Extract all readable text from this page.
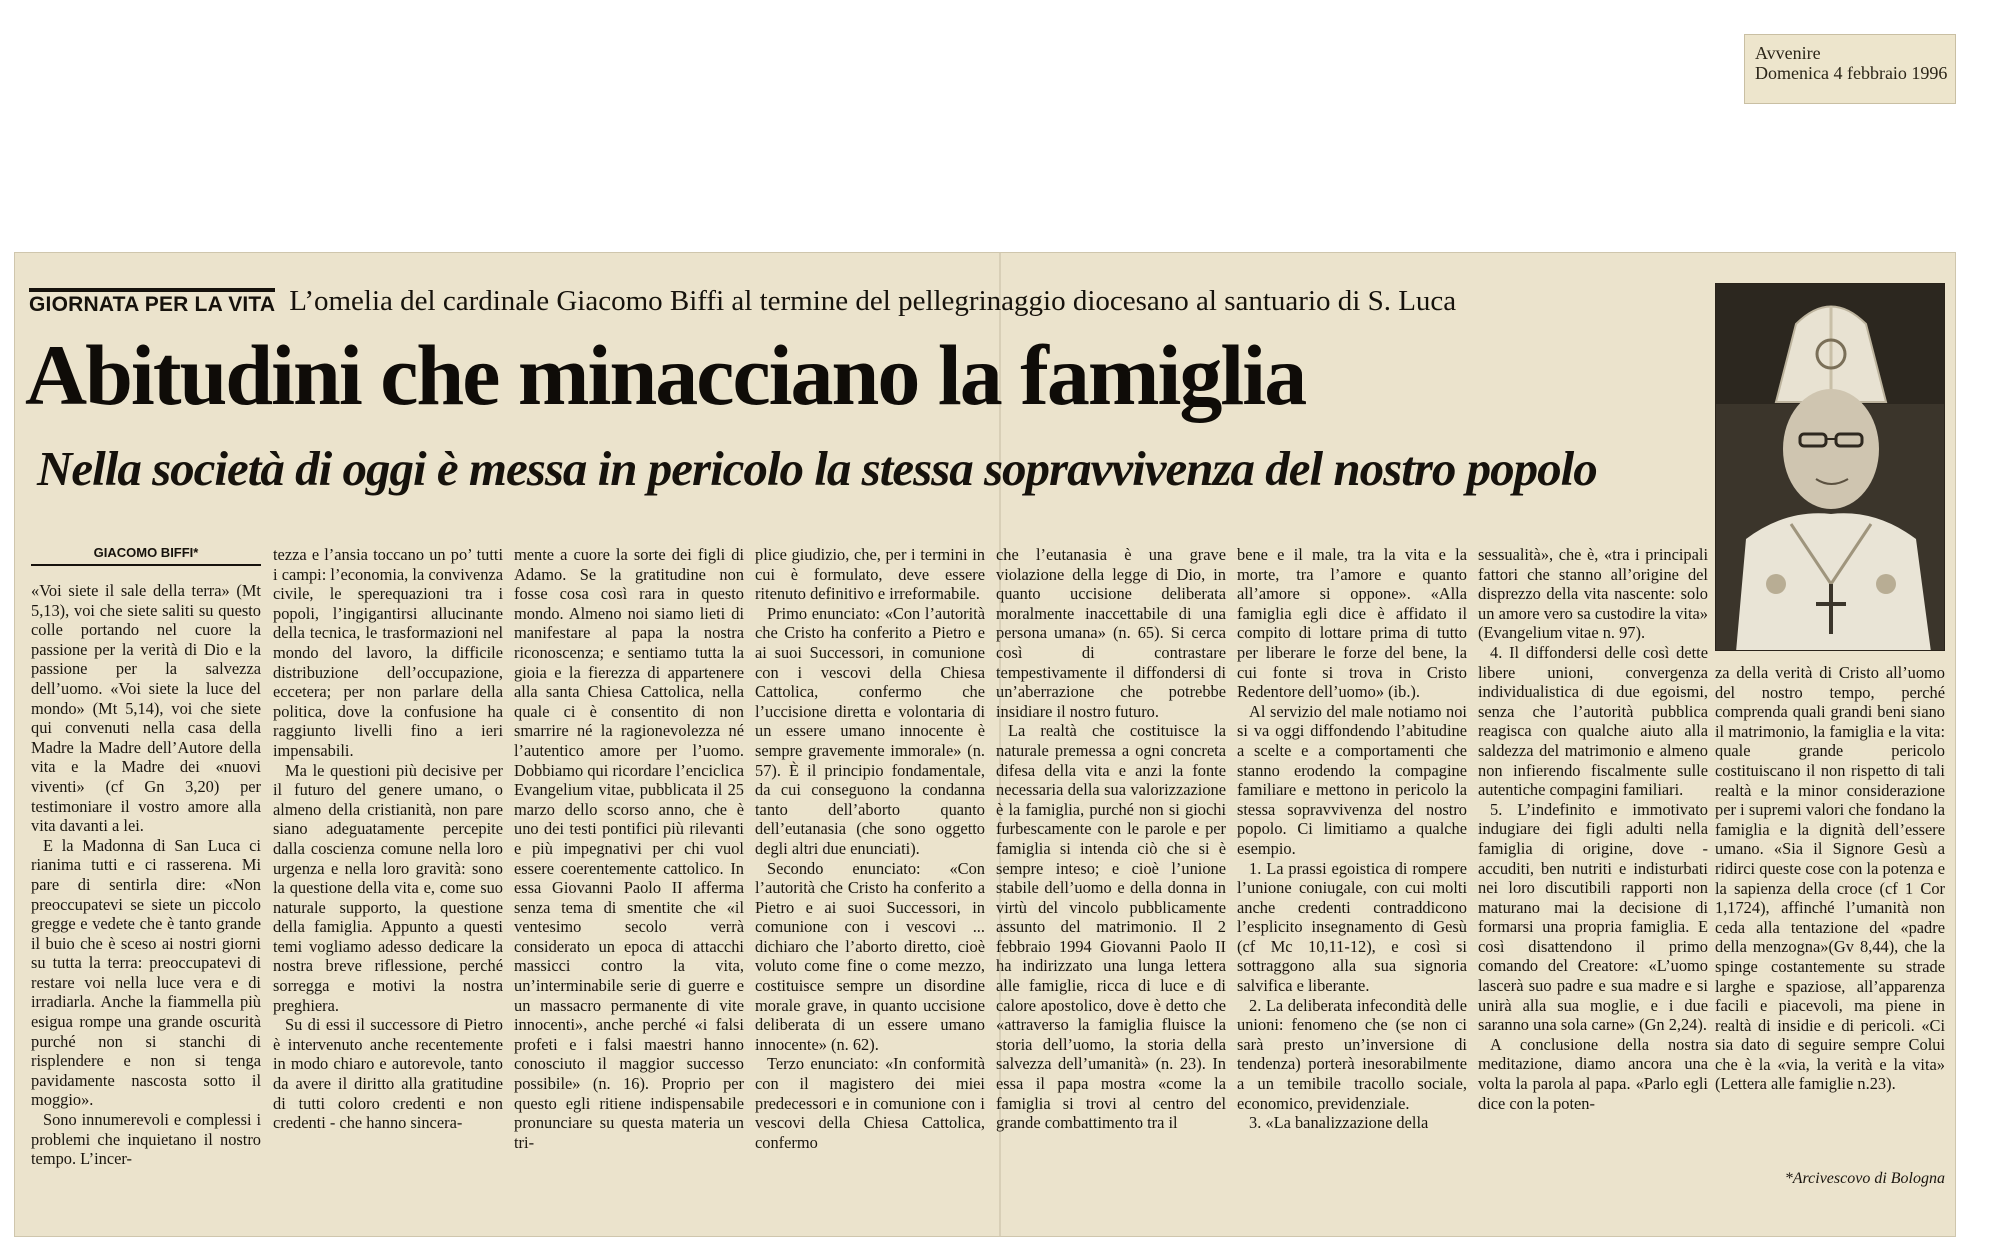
Avvenire
Domenica 4 febbraio 1996
GIORNATA PER LA VITA L’omelia del cardinale Giacomo Biffi al termine del pellegrinaggio diocesano al santuario di S. Luca
Abitudini che minacciano la famiglia
Nella società di oggi è messa in pericolo la stessa sopravvivenza del nostro popolo
GIACOMO BIFFI*

«Voi siete il sale della terra» (Mt 5,13), voi che siete saliti su questo colle portando nel cuore la passione per la verità di Dio e la passione per la salvezza dell’uomo. «Voi siete la luce del mondo» (Mt 5,14), voi che siete qui convenuti nella casa della Madre la Madre dell’Autore della vita e la Madre dei «nuovi viventi» (cf Gn 3,20) per testimoniare il vostro amore alla vita davanti a lei.

E la Madonna di San Luca ci rianima tutti e ci rasserena. Mi pare di sentirla dire: «Non preoccupatevi se siete un piccolo gregge e vedete che è tanto grande il buio che è sceso ai nostri giorni su tutta la terra: preoccupatevi di restare voi nella luce vera e di irradiarla. Anche la fiammella più esigua rompe una grande oscurità purché non si stanchi di risplendere e non si tenga pavidamente nascosta sotto il moggio».

Sono innumerevoli e complessi i problemi che inquietano il nostro tempo. L’incer-

tezza e l’ansia toccano un po’ tutti i campi: l’economia, la convivenza civile, le sperequazioni tra i popoli, l’ingigantirsi allucinante della tecnica, le trasformazioni nel mondo del lavoro, la difficile distribuzione dell’occupazione, eccetera; per non parlare della politica, dove la confusione ha raggiunto livelli fino a ieri impensabili.

Ma le questioni più decisive per il futuro del genere umano, o almeno della cristianità, non pare siano adeguatamente percepite dalla coscienza comune nella loro urgenza e nella loro gravità: sono la questione della vita e, come suo naturale supporto, la questione della famiglia. Appunto a questi temi vogliamo adesso dedicare la nostra breve riflessione, perché sorregga e motivi la nostra preghiera.

Su di essi il successore di Pietro è intervenuto anche recentemente in modo chiaro e autorevole, tanto da avere il diritto alla gratitudine di tutti coloro credenti e non credenti - che hanno sincera-

mente a cuore la sorte dei figli di Adamo. Se la gratitudine non fosse cosa così rara in questo mondo. Almeno noi siamo lieti di manifestare al papa la nostra riconoscenza; e sentiamo tutta la gioia e la fierezza di appartenere alla santa Chiesa Cattolica, nella quale ci è consentito di non smarrire né la ragionevolezza né l’autentico amore per l’uomo. Dobbiamo qui ricordare l’enciclica Evangelium vitae, pubblicata il 25 marzo dello scorso anno, che è uno dei testi pontifici più rilevanti e più impegnativi per chi vuol essere coerentemente cattolico. In essa Giovanni Paolo II afferma senza tema di smentite che «il ventesimo secolo verrà considerato un epoca di attacchi massicci contro la vita, un’interminabile serie di guerre e un massacro permanente di vite innocenti», anche perché «i falsi profeti e i falsi maestri hanno conosciuto il maggior successo possibile» (n. 16). Proprio per questo egli ritiene indispensabile pronunciare su questa materia un tri-

plice giudizio, che, per i termini in cui è formulato, deve essere ritenuto definitivo e irreformabile.

Primo enunciato: «Con l’autorità che Cristo ha conferito a Pietro e ai suoi Successori, in comunione con i vescovi della Chiesa Cattolica, confermo che l’uccisione diretta e volontaria di un essere umano innocente è sempre gravemente immorale» (n. 57). È il principio fondamentale, da cui conseguono la condanna tanto dell’aborto quanto dell’eutanasia (che sono oggetto degli altri due enunciati).

Secondo enunciato: «Con l’autorità che Cristo ha conferito a Pietro e ai suoi Successori, in comunione con i vescovi ... dichiaro che l’aborto diretto, cioè voluto come fine o come mezzo, costituisce sempre un disordine morale grave, in quanto uccisione deliberata di un essere umano innocente» (n. 62).

Terzo enunciato: «In conformità con il magistero dei miei predecessori e in comunione con i vescovi della Chiesa Cattolica, confermo

che l’eutanasia è una grave violazione della legge di Dio, in quanto uccisione deliberata moralmente inaccettabile di una persona umana» (n. 65). Si cerca così di contrastare tempestivamente il diffondersi di un’aberrazione che potrebbe insidiare il nostro futuro.

La realtà che costituisce la naturale premessa a ogni concreta difesa della vita e anzi la fonte necessaria della sua valorizzazione è la famiglia, purché non si giochi furbescamente con le parole e per famiglia si intenda ciò che si è sempre inteso; e cioè l’unione stabile dell’uomo e della donna in virtù del vincolo pubblicamente assunto del matrimonio. Il 2 febbraio 1994 Giovanni Paolo II ha indirizzato una lunga lettera alle famiglie, ricca di luce e di calore apostolico, dove è detto che «attraverso la famiglia fluisce la storia dell’uomo, la storia della salvezza dell’umanità» (n. 23). In essa il papa mostra «come la famiglia si trovi al centro del grande combattimento tra il

bene e il male, tra la vita e la morte, tra l’amore e quanto all’amore si oppone». «Alla famiglia egli dice è affidato il compito di lottare prima di tutto per liberare le forze del bene, la cui fonte si trova in Cristo Redentore dell’uomo» (ib.).

Al servizio del male notiamo noi si va oggi diffondendo l’abitudine a scelte e a comportamenti che stanno erodendo la compagine familiare e mettono in pericolo la stessa sopravvivenza del nostro popolo. Ci limitiamo a qualche esempio.

1. La prassi egoistica di rompere l’unione coniugale, con cui molti anche credenti contraddicono l’esplicito insegnamento di Gesù (cf Mc 10,11-12), e così si sottraggono alla sua signoria salvifica e liberante.

2. La deliberata infecondità delle unioni: fenomeno che (se non ci sarà presto un’inversione di tendenza) porterà inesorabilmente a un temibile tracollo sociale, economico, previdenziale.

3. «La banalizzazione della

sessualità», che è, «tra i principali fattori che stanno all’origine del disprezzo della vita nascente: solo un amore vero sa custodire la vita» (Evangelium vitae n. 97).

4. Il diffondersi delle così dette libere unioni, convergenza individualistica di due egoismi, senza che l’autorità pubblica reagisca con qualche aiuto alla saldezza del matrimonio e almeno non infierendo fiscalmente sulle autentiche compagini familiari.

5. L’indefinito e immotivato indugiare dei figli adulti nella famiglia di origine, dove - accuditi, ben nutriti e indisturbati nei loro discutibili rapporti non maturano mai la decisione di formarsi una propria famiglia. E così disattendono il primo comando del Creatore: «L’uomo lascerà suo padre e sua madre e si unirà alla sua moglie, e i due saranno una sola carne» (Gn 2,24).

A conclusione della nostra meditazione, diamo ancora una volta la parola al papa. «Parlo egli dice con la poten-

za della verità di Cristo all’uomo del nostro tempo, perché comprenda quali grandi beni siano il matrimonio, la famiglia e la vita: quale grande pericolo costituiscano il non rispetto di tali realtà e la minor considerazione per i supremi valori che fondano la famiglia e la dignità dell’essere umano. «Sia il Signore Gesù a ridirci queste cose con la potenza e la sapienza della croce (cf 1 Cor 1,1724), affinché l’umanità non ceda alla tentazione del «padre della menzogna»(Gv 8,44), che la spinge costantemente su strade larghe e spaziose, all’apparenza facili e piacevoli, ma piene in realtà di insidie e di pericoli. «Ci sia dato di seguire sempre Colui che è la «via, la verità e la vita» (Lettera alle famiglie n.23).

*Arcivescovo di Bologna
